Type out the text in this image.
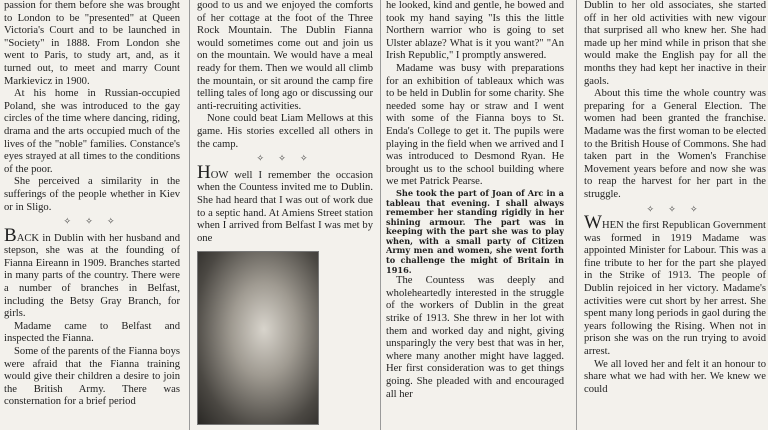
passion for them before she was brought to London to be "presented" at Queen Victoria's Court and to be launched in "Society" in 1888. From London she went to Paris, to study art, and, as it turned out, to meet and marry Count Markievicz in 1900.

At his home in Russian-occupied Poland, she was introduced to the gay circles of the time where dancing, riding, drama and the arts occupied much of the lives of the "noble" families. Constance's eyes strayed at all times to the conditions of the poor.

She perceived a similarity in the sufferings of the people whether in Kiev or in Sligo.

✧ ✧ ✧

BACK in Dublin with her husband and stepson, she was at the founding of Fianna Eireann in 1909. Branches started in many parts of the country. There were a number of branches in Belfast, including the Betsy Gray Branch, for girls.

Madame came to Belfast and inspected the Fianna.

Some of the parents of the Fianna boys were afraid that the Fianna training would give their children a desire to join the British Army. There was consternation for a brief period

good to us and we enjoyed the comforts of her cottage at the foot of the Three Rock Mountain. The Dublin Fianna would sometimes come out and join us on the mountain. We would have a meal ready for them. Then we would all climb the mountain, or sit around the camp fire telling tales of long ago or discussing our anti-recruiting activities.

None could beat Liam Mellows at this game. His stories excelled all others in the camp.

✧ ✧ ✧

HOW well I remember the occasion when the Countess invited me to Dublin. She had heard that I was out of work due to a septic hand. At Amiens Street station when I arrived from Belfast I was met by one

he looked, kind and gentle, he bowed and took my hand saying "Is this the little Northern warrior who is going to set Ulster ablaze? What is it you want?" "An Irish Republic," I promptly answered.

Madame was busy with preparations for an exhibition of tableaux which was to be held in Dublin for some charity. She needed some hay or straw and I went with some of the Fianna boys to St. Enda's College to get it. The pupils were playing in the field when we arrived and I was introduced to Desmond Ryan. He brought us to the school building where we met Patrick Pearse.

She took the part of Joan of Arc in a tableau that evening. I shall always remember her standing rigidly in her shining armour. The part was in keeping with the part she was to play when, with a small party of Citizen Army men and women, she went forth to challenge the might of Britain in 1916.

The Countess was deeply and wholeheartedly interested in the struggle of the workers of Dublin in the great strike of 1913. She threw in her lot with them and worked day and night, giving unsparingly the very best that was in her, where many another might have lagged. Her first consideration was to get things going. She pleaded with and encouraged all her

Dublin to her old associates, she started off in her old activities with new vigour that surprised all who knew her. She had made up her mind while in prison that she would make the English pay for all the months they had kept her inactive in their gaols.

About this time the whole country was preparing for a General Election. The women had been granted the franchise. Madame was the first woman to be elected to the British House of Commons. She had taken part in the Women's Franchise Movement years before and now she was to reap the harvest for her part in the struggle.

✧ ✧ ✧

WHEN the first Republican Government was formed in 1919 Madame was appointed Minister for Labour. This was a fine tribute to her for the part she played in the Strike of 1913. The people of Dublin rejoiced in her victory. Madame's activities were cut short by her arrest. She spent many long periods in gaol during the years following the Rising. When not in prison she was on the run trying to avoid arrest.

We all loved her and felt it an honour to share what we had with her. We knew we could
